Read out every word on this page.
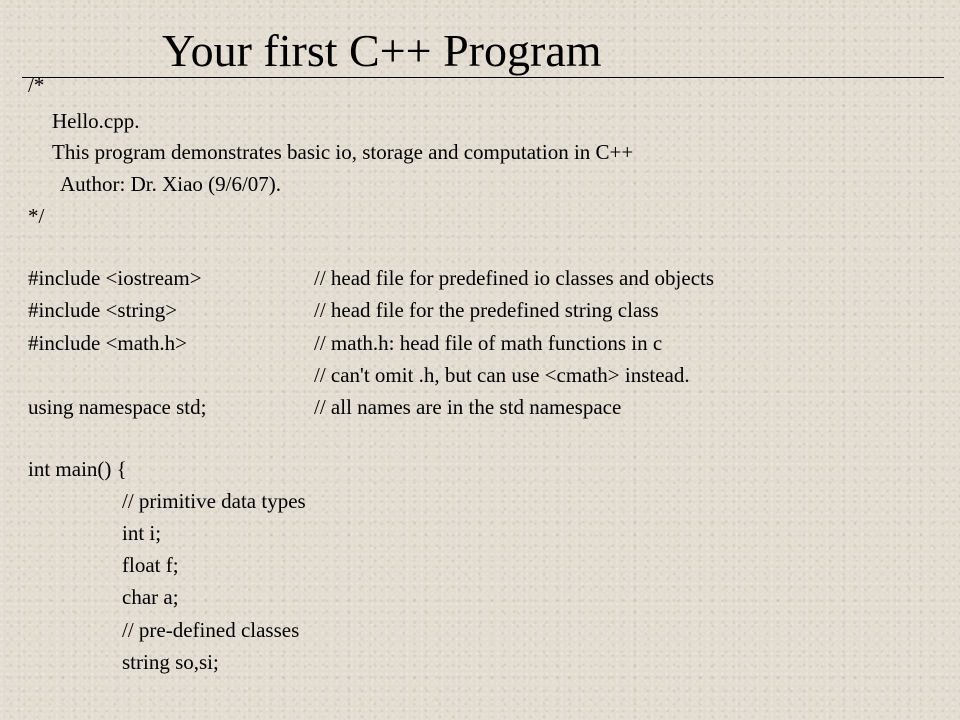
Your first C++ Program
/*
Hello.cpp.
This program demonstrates basic io, storage and computation in C++
Author: Dr. Xiao (9/6/07).
*/
#include <iostream>	// head file for predefined io classes and objects
#include <string>	// head file for the predefined string class
#include <math.h>	// math.h: head file of math functions in c
// can't omit .h, but can use <cmath> instead.
using namespace std;	// all names are in the std namespace
int main() {
// primitive data types
int i;
float f;
char a;
// pre-defined classes
string so,si;
